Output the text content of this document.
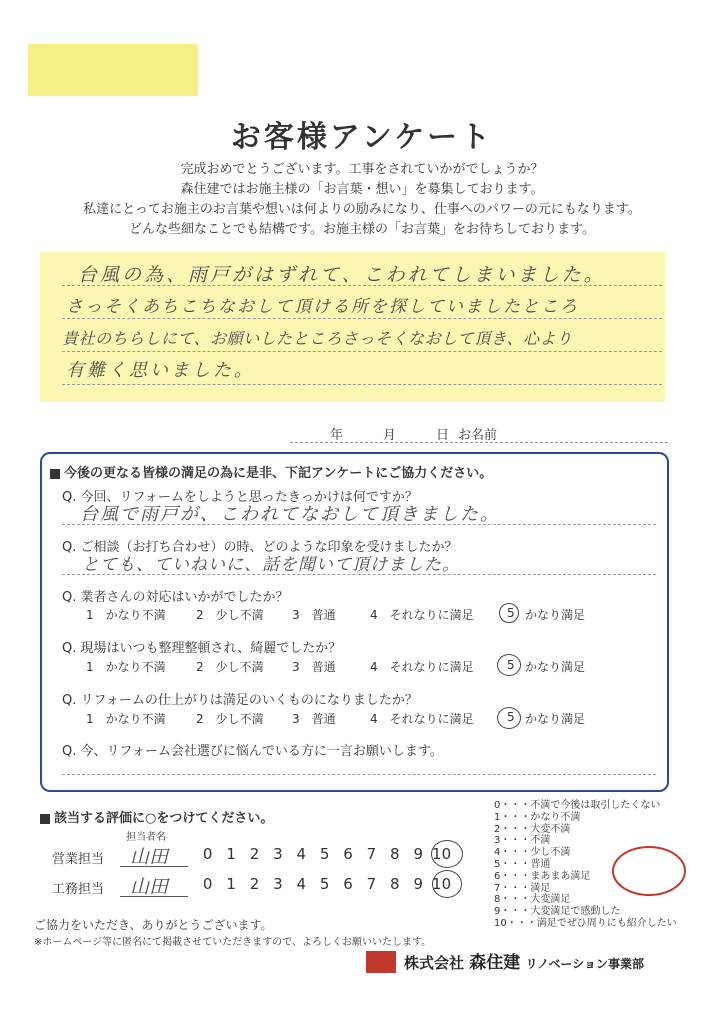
お客様アンケート
完成おめでとうございます。工事をされていかがでしょうか？
森住建ではお施主様の「お言葉・想い」を募集しております。
私達にとってお施主のお言葉や想いは何よりの励みになり、仕事へのパワーの元にもなります。
どんな些細なことでも結構です。お施主様の「お言葉」をお待ちしております。
台風の為、雨戸がはずれて、こわれてしまいました。
さっそくあちこちなおして頂ける所を探していましたところ
貴社のちらしにて、お願いしたところさっそくなおして頂き、心より
有難く思いました。
年	月	日 お名前
今後の更なる皆様の満足の為に是非、下記アンケートにご協力ください。
Q. 今回、リフォームをしようと思ったきっかけは何ですか？
台風で雨戸が、こわれてなおして頂きました。
Q. ご相談（お打ち合わせ）の時、どのような印象を受けましたか？
とても、ていねいに、話を聞いて頂けました。
Q. 業者さんの対応はいかがでしたか？
1　かなり不満	2　少し不満 3　普通	4　それなりに満足	5 かなり満足
Q. 現場はいつも整理整頓され、綺麗でしたか？
1　かなり不満	2　少し不満 3　普通	4　それなりに満足	5 かなり満足
Q. リフォームの仕上がりは満足のいくものになりましたか？
1　かなり不満	2　少し不満 3　普通	4　それなりに満足	5 かなり満足
Q. 今、リフォーム会社選びに悩んでいる方に一言お願いします。
該当する評価に○をつけてください。
担当者名
営業担当 山田	0 1 2 3 4 5 6 7 8 9 10
工務担当 山田	0 1 2 3 4 5 6 7 8 9 10
0・・・不満で今後は取引したくない
1・・・かなり不満
2・・・大変不満
3・・・不満
4・・・少し不満
5・・・普通
6・・・まあまあ満足
7・・・満足
8・・・大変満足
9・・・大変満足で感動した
10・・・満足でぜひ周りにも紹介したい
ご協力をいただき、ありがとうございます。
※ホームページ等に匿名にて掲載させていただきますので、よろしくお願いいたします。
株式会社 森住建 リノベーション事業部
